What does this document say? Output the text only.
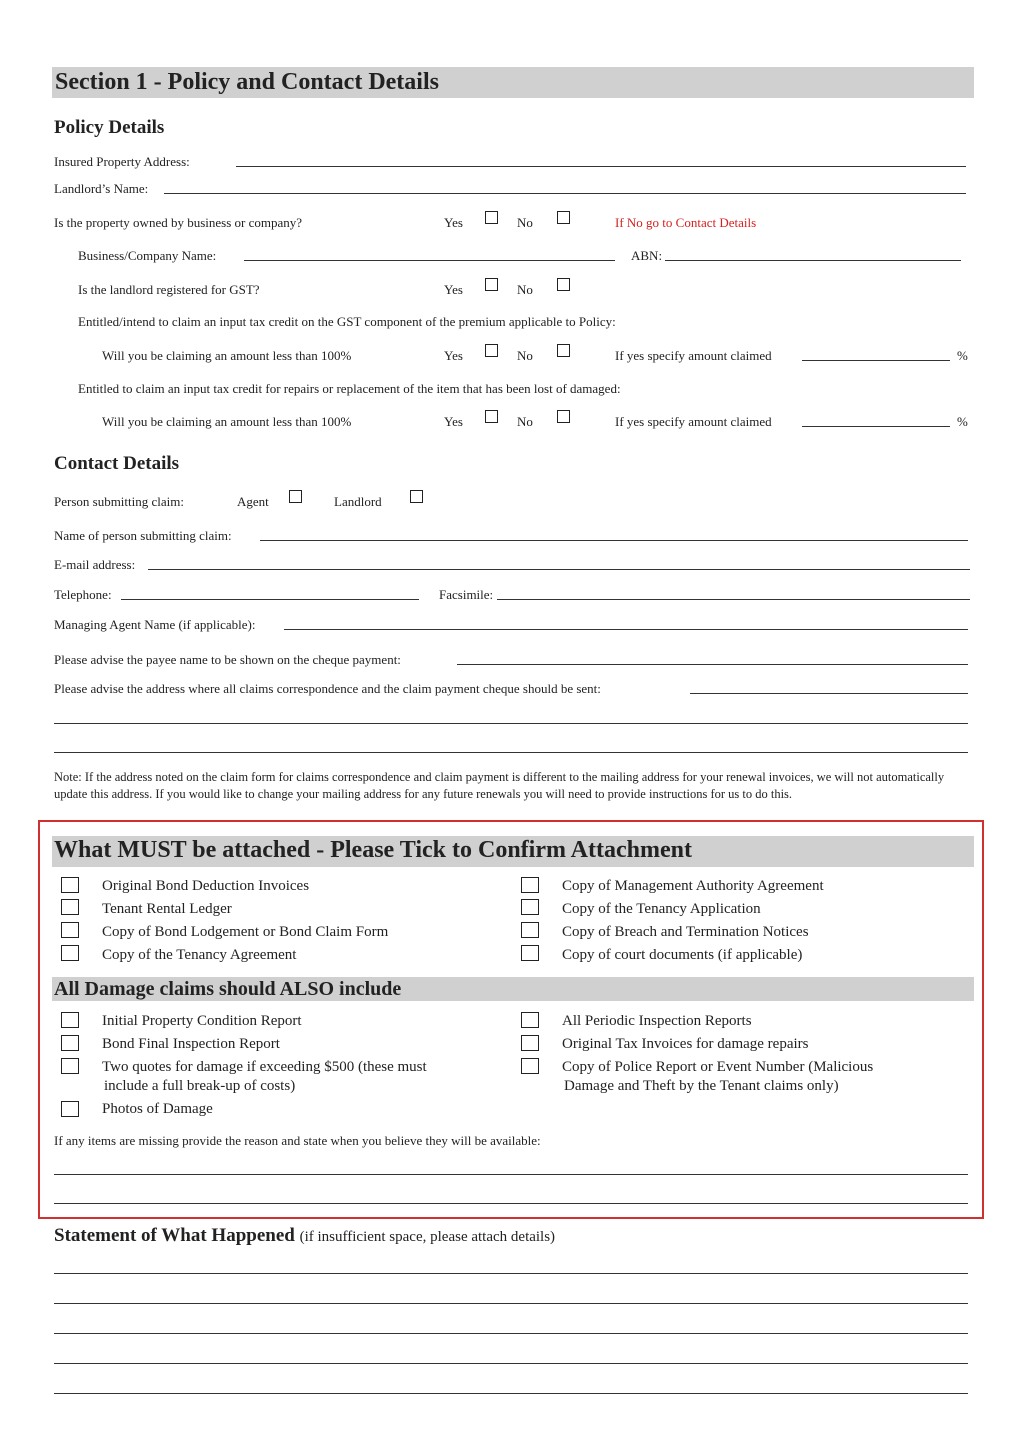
Section 1 - Policy and Contact Details
Policy Details
Insured Property Address:
Landlord’s Name:
Is the property owned by business or company?	Yes	No	If No go to Contact Details
Business/Company Name:	ABN:
Is the landlord registered for GST?	Yes	No
Entitled/intend to claim an input tax credit on the GST component of the premium applicable to Policy:
Will you be claiming an amount less than 100%	Yes	No	If yes specify amount claimed	%
Entitled to claim an input tax credit for repairs or replacement of the item that has been lost of damaged:
Will you be claiming an amount less than 100%	Yes	No	If yes specify amount claimed	%
Contact Details
Person submitting claim:	Agent	Landlord
Name of person submitting claim:
E-mail address:
Telephone:	Facsimile:
Managing Agent Name (if applicable):
Please advise the payee name to be shown on the cheque payment:
Please advise the address where all claims correspondence and the claim payment cheque should be sent:
Note: If the address noted on the claim form for claims correspondence and claim payment is different to the mailing address for your renewal invoices, we will not automatically update this address. If you would like to change your mailing address for any future renewals you will need to provide instructions for us to do this.
What MUST be attached - Please Tick to Confirm Attachment
Original Bond Deduction Invoices
Tenant Rental Ledger
Copy of Bond Lodgement or Bond Claim Form
Copy of the Tenancy Agreement
Copy of Management Authority Agreement
Copy of the Tenancy Application
Copy of Breach and Termination Notices
Copy of court documents (if applicable)
All Damage claims should ALSO include
Initial Property Condition Report
Bond Final Inspection Report
Two quotes for damage if exceeding $500 (these must
include a full break-up of costs)
Photos of Damage
All Periodic Inspection Reports
Original Tax Invoices for damage repairs
Copy of Police Report or Event Number (Malicious
Damage and Theft by the Tenant claims only)
If any items are missing provide the reason and state when you believe they will be available:
Statement of What Happened (if insufficient space, please attach details)
